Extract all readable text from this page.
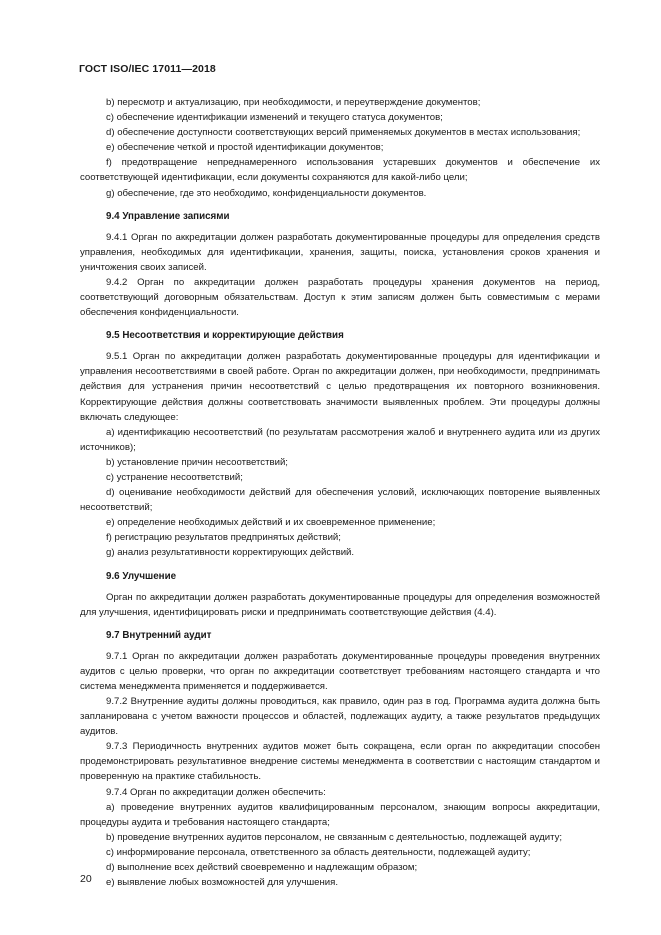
ГОСТ ISO/IEC 17011—2018

b) пересмотр и актуализацию, при необходимости, и переутверждение документов;

c) обеспечение идентификации изменений и текущего статуса документов;

d) обеспечение доступности соответствующих версий применяемых документов в местах использования;

e) обеспечение четкой и простой идентификации документов;

f) предотвращение непреднамеренного использования устаревших документов и обеспечение их соответствующей идентификации, если документы сохраняются для какой-либо цели;

g) обеспечение, где это необходимо, конфиденциальности документов.

9.4 Управление записями

9.4.1 Орган по аккредитации должен разработать документированные процедуры для определения средств управления, необходимых для идентификации, хранения, защиты, поиска, установления сроков хранения и уничтожения своих записей.

9.4.2 Орган по аккредитации должен разработать процедуры хранения документов на период, соответствующий договорным обязательствам. Доступ к этим записям должен быть совместимым с мерами обеспечения конфиденциальности.

9.5 Несоответствия и корректирующие действия

9.5.1 Орган по аккредитации должен разработать документированные процедуры для идентификации и управления несоответствиями в своей работе. Орган по аккредитации должен, при необходимости, предпринимать действия для устранения причин несоответствий с целью предотвращения их повторного возникновения. Корректирующие действия должны соответствовать значимости выявленных проблем. Эти процедуры должны включать следующее:

a) идентификацию несоответствий (по результатам рассмотрения жалоб и внутреннего аудита или из других источников);

b) установление причин несоответствий;

c) устранение несоответствий;

d) оценивание необходимости действий для обеспечения условий, исключающих повторение выявленных несоответствий;

e) определение необходимых действий и их своевременное применение;

f) регистрацию результатов предпринятых действий;

g) анализ результативности корректирующих действий.

9.6 Улучшение

Орган по аккредитации должен разработать документированные процедуры для определения возможностей для улучшения, идентифицировать риски и предпринимать соответствующие действия (4.4).

9.7 Внутренний аудит

9.7.1 Орган по аккредитации должен разработать документированные процедуры проведения внутренних аудитов с целью проверки, что орган по аккредитации соответствует требованиям настоящего стандарта и что система менеджмента применяется и поддерживается.

9.7.2 Внутренние аудиты должны проводиться, как правило, один раз в год. Программа аудита должна быть запланирована с учетом важности процессов и областей, подлежащих аудиту, а также результатов предыдущих аудитов.

9.7.3 Периодичность внутренних аудитов может быть сокращена, если орган по аккредитации способен продемонстрировать результативное внедрение системы менеджмента в соответствии с настоящим стандартом и проверенную на практике стабильность.

9.7.4 Орган по аккредитации должен обеспечить:

a) проведение внутренних аудитов квалифицированным персоналом, знающим вопросы аккредитации, процедуры аудита и требования настоящего стандарта;

b) проведение внутренних аудитов персоналом, не связанным с деятельностью, подлежащей аудиту;

c) информирование персонала, ответственного за область деятельности, подлежащей аудиту;

d) выполнение всех действий своевременно и надлежащим образом;

e) выявление любых возможностей для улучшения.

20
